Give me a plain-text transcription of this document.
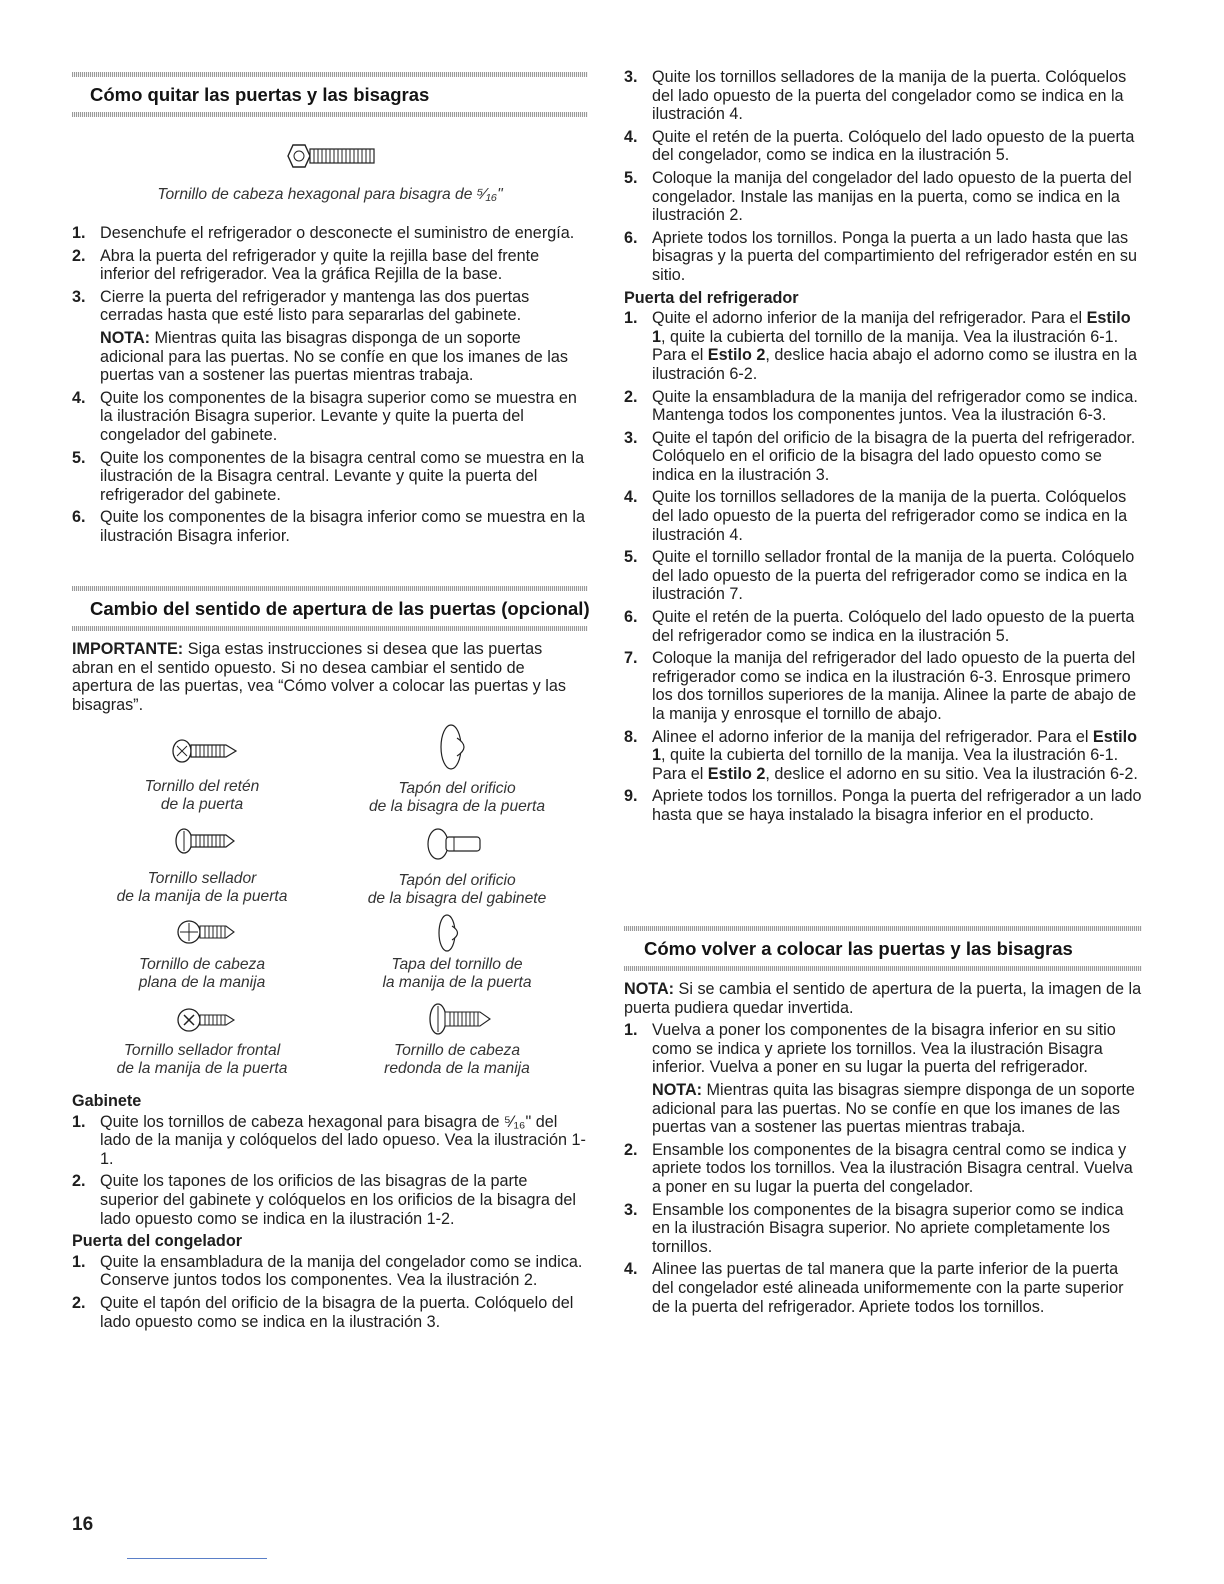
Cómo quitar las puertas y las bisagras
Tornillo de cabeza hexagonal para bisagra de ⁵⁄₁₆"
1. Desenchufe el refrigerador o desconecte el suministro de energía.
2. Abra la puerta del refrigerador y quite la rejilla base del frente inferior del refrigerador. Vea la gráfica Rejilla de la base.
3. Cierre la puerta del refrigerador y mantenga las dos puertas cerradas hasta que esté listo para separarlas del gabinete.

NOTA: Mientras quita las bisagras disponga de un soporte adicional para las puertas. No se confíe en que los imanes de las puertas van a sostener las puertas mientras trabaja.

4. Quite los componentes de la bisagra superior como se muestra en la ilustración Bisagra superior. Levante y quite la puerta del congelador del gabinete.
5. Quite los componentes de la bisagra central como se muestra en la ilustración de la Bisagra central. Levante y quite la puerta del refrigerador del gabinete.
6. Quite los componentes de la bisagra inferior como se muestra en la ilustración Bisagra inferior.
Cambio del sentido de apertura de las puertas (opcional)

IMPORTANTE: Siga estas instrucciones si desea que las puertas abran en el sentido opuesto. Si no desea cambiar el sentido de apertura de las puertas, vea “Cómo volver a colocar las puertas y las bisagras”.

Tornillo del retén
de la puerta
Tapón del orificio
de la bisagra de la puerta
Tornillo sellador
de la manija de la puerta
Tapón del orificio
de la bisagra del gabinete
Tornillo de cabeza
plana de la manija
Tapa del tornillo de
la manija de la puerta
Tornillo sellador frontal
de la manija de la puerta
Tornillo de cabeza
redonda de la manija

Gabinete

1. Quite los tornillos de cabeza hexagonal para bisagra de ⁵⁄₁₆" del lado de la manija y colóquelos del lado opueso. Vea la ilustración 1-1.
2. Quite los tapones de los orificios de las bisagras de la parte superior del gabinete y colóquelos en los orificios de la bisagra del lado opuesto como se indica en la ilustración 1-2.

Puerta del congelador

1. Quite la ensambladura de la manija del congelador como se indica. Conserve juntos todos los componentes. Vea la ilustración 2.
2. Quite el tapón del orificio de la bisagra de la puerta. Colóquelo del lado opuesto como se indica en la ilustración 3.
3. Quite los tornillos selladores de la manija de la puerta. Colóquelos del lado opuesto de la puerta del congelador como se indica en la ilustración 4.
4. Quite el retén de la puerta. Colóquelo del lado opuesto de la puerta del congelador, como se indica en la ilustración 5.
5. Coloque la manija del congelador del lado opuesto de la puerta del congelador. Instale las manijas en la puerta, como se indica en la ilustración 2.
6. Apriete todos los tornillos. Ponga la puerta a un lado hasta que las bisagras y la puerta del compartimiento del refrigerador estén en su sitio.

Puerta del refrigerador

1. Quite el adorno inferior de la manija del refrigerador. Para el Estilo 1, quite la cubierta del tornillo de la manija. Vea la ilustración 6-1. Para el Estilo 2, deslice hacia abajo el adorno como se ilustra en la ilustración 6-2.
2. Quite la ensambladura de la manija del refrigerador como se indica. Mantenga todos los componentes juntos. Vea la ilustración 6-3.
3. Quite el tapón del orificio de la bisagra de la puerta del refrigerador. Colóquelo en el orificio de la bisagra del lado opuesto como se indica en la ilustración 3.
4. Quite los tornillos selladores de la manija de la puerta. Colóquelos del lado opuesto de la puerta del refrigerador como se indica en la ilustración 4.
5. Quite el tornillo sellador frontal de la manija de la puerta. Colóquelo del lado opuesto de la puerta del refrigerador como se indica en la ilustración 7.
6. Quite el retén de la puerta. Colóquelo del lado opuesto de la puerta del refrigerador como se indica en la ilustración 5.
7. Coloque la manija del refrigerador del lado opuesto de la puerta del refrigerador como se indica en la ilustración 6-3. Enrosque primero los dos tornillos superiores de la manija. Alinee la parte de abajo de la manija y enrosque el tornillo de abajo.
8. Alinee el adorno inferior de la manija del refrigerador. Para el Estilo 1, quite la cubierta del tornillo de la manija. Vea la ilustración 6-1. Para el Estilo 2, deslice el adorno en su sitio. Vea la ilustración 6-2.
9. Apriete todos los tornillos. Ponga la puerta del refrigerador a un lado hasta que se haya instalado la bisagra inferior en el producto.
Cómo volver a colocar las puertas y las bisagras

NOTA: Si se cambia el sentido de apertura de la puerta, la imagen de la puerta pudiera quedar invertida.

1. Vuelva a poner los componentes de la bisagra inferior en su sitio como se indica y apriete los tornillos. Vea la ilustración Bisagra inferior. Vuelva a poner en su lugar la puerta del refrigerador.

NOTA: Mientras quita las bisagras siempre disponga de un soporte adicional para las puertas. No se confíe en que los imanes de las puertas van a sostener las puertas mientras trabaja.

2. Ensamble los componentes de la bisagra central como se indica y apriete todos los tornillos. Vea la ilustración Bisagra central. Vuelva a poner en su lugar la puerta del congelador.
3. Ensamble los componentes de la bisagra superior como se indica en la ilustración Bisagra superior. No apriete completamente los tornillos.
4. Alinee las puertas de tal manera que la parte inferior de la puerta del congelador esté alineada uniformemente con la parte superior de la puerta del refrigerador. Apriete todos los tornillos.
16
